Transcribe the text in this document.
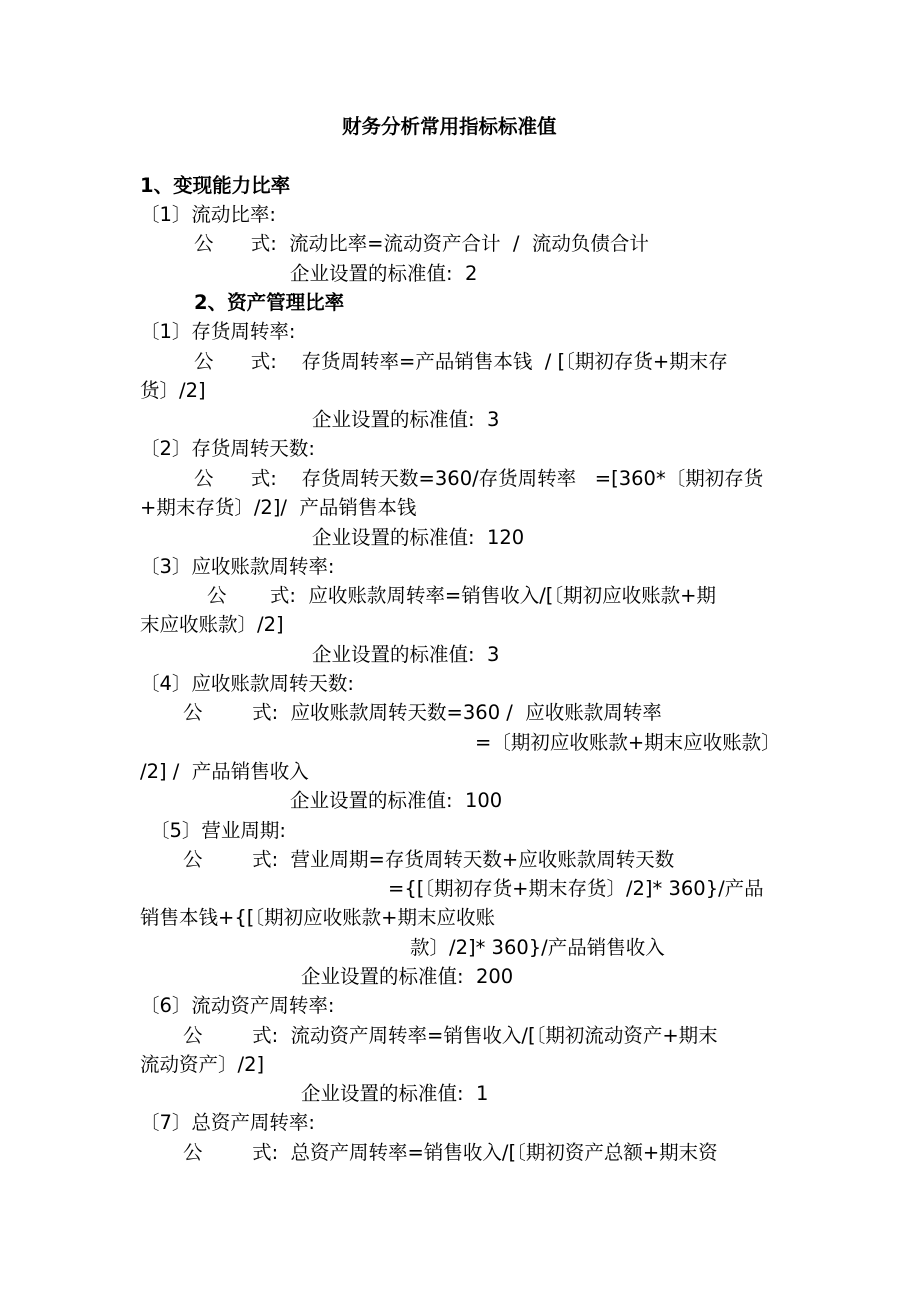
财务分析常用指标标准值
1、变现能力比率
〔1〕流动比率:
公      式:  流动比率=流动资产合计  /  流动负债合计
企业设置的标准值:  2
2、资产管理比率
〔1〕存货周转率:
公      式:    存货周转率=产品销售本钱  / [〔期初存货+期末存
货〕/2]
企业设置的标准值:  3
〔2〕存货周转天数:
公      式:    存货周转天数=360/存货周转率   =[360*〔期初存货
+期末存货〕/2]/  产品销售本钱
企业设置的标准值:  120
〔3〕应收账款周转率:
公       式:  应收账款周转率=销售收入/[〔期初应收账款+期
末应收账款〕/2]
企业设置的标准值:  3
〔4〕应收账款周转天数:
公        式:  应收账款周转天数=360 /  应收账款周转率
=〔期初应收账款+期末应收账款〕
/2] /  产品销售收入
企业设置的标准值:  100
〔5〕营业周期:
公        式:  营业周期=存货周转天数+应收账款周转天数
={[〔期初存货+期末存货〕/2]* 360}/产品
销售本钱+{[〔期初应收账款+期末应收账
款〕/2]* 360}/产品销售收入
企业设置的标准值:  200
〔6〕流动资产周转率:
公        式:  流动资产周转率=销售收入/[〔期初流动资产+期末
流动资产〕/2]
企业设置的标准值:  1
〔7〕总资产周转率:
公        式:  总资产周转率=销售收入/[〔期初资产总额+期末资
